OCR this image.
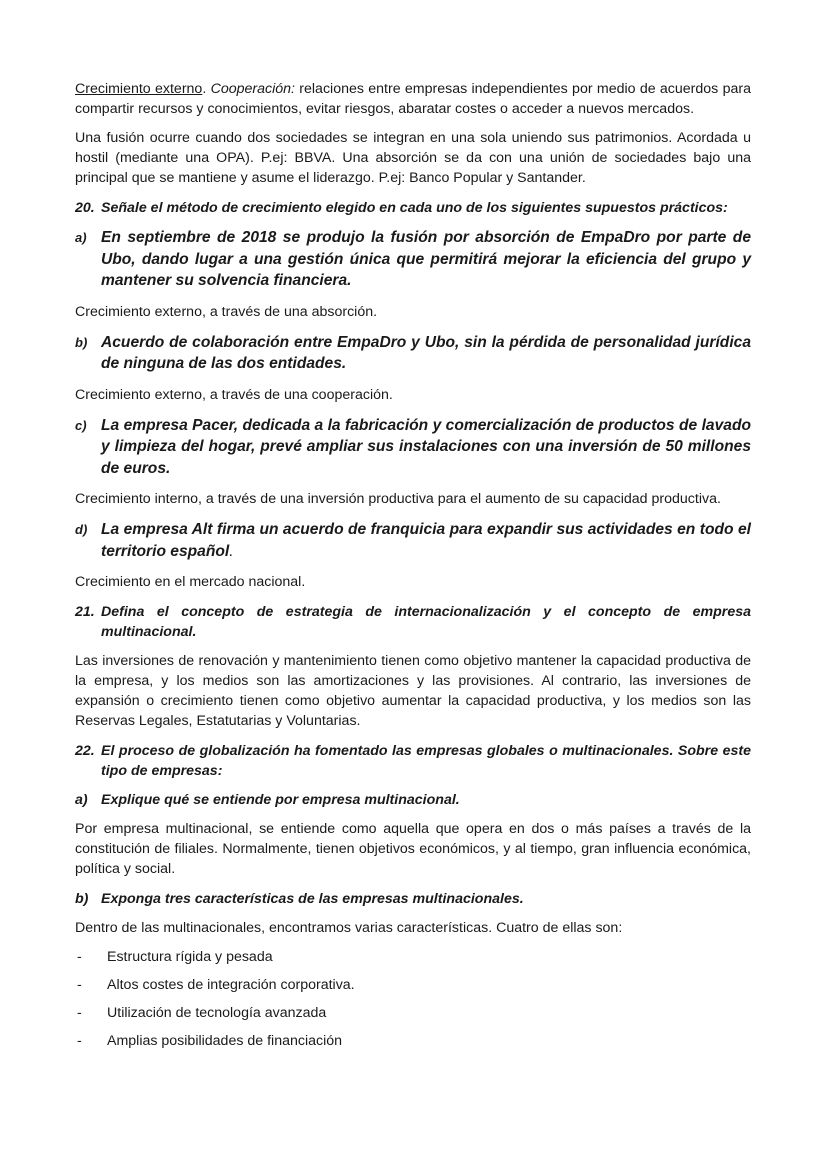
Crecimiento externo. Cooperación: relaciones entre empresas independientes por medio de acuerdos para compartir recursos y conocimientos, evitar riesgos, abaratar costes o acceder a nuevos mercados.

Una fusión ocurre cuando dos sociedades se integran en una sola uniendo sus patrimonios. Acordada u hostil (mediante una OPA). P.ej: BBVA. Una absorción se da con una unión de sociedades bajo una principal que se mantiene y asume el liderazgo. P.ej: Banco Popular y Santander.

20. Señale el método de crecimiento elegido en cada uno de los siguientes supuestos prácticos:
a) En septiembre de 2018 se produjo la fusión por absorción de EmpaDro por parte de Ubo, dando lugar a una gestión única que permitirá mejorar la eficiencia del grupo y mantener su solvencia financiera.

Crecimiento externo, a través de una absorción.

b) Acuerdo de colaboración entre EmpaDro y Ubo, sin la pérdida de personalidad jurídica de ninguna de las dos entidades.

Crecimiento externo, a través de una cooperación.

c) La empresa Pacer, dedicada a la fabricación y comercialización de productos de lavado y limpieza del hogar, prevé ampliar sus instalaciones con una inversión de 50 millones de euros.

Crecimiento interno, a través de una inversión productiva para el aumento de su capacidad productiva.

d) La empresa Alt firma un acuerdo de franquicia para expandir sus actividades en todo el territorio español.

Crecimiento en el mercado nacional.

21. Defina el concepto de estrategia de internacionalización y el concepto de empresa multinacional.

Las inversiones de renovación y mantenimiento tienen como objetivo mantener la capacidad productiva de la empresa, y los medios son las amortizaciones y las provisiones. Al contrario, las inversiones de expansión o crecimiento tienen como objetivo aumentar la capacidad productiva, y los medios son las Reservas Legales, Estatutarias y Voluntarias.

22. El proceso de globalización ha fomentado las empresas globales o multinacionales. Sobre este tipo de empresas:
a) Explique qué se entiende por empresa multinacional.

Por empresa multinacional, se entiende como aquella que opera en dos o más países a través de la constitución de filiales. Normalmente, tienen objetivos económicos, y al tiempo, gran influencia económica, política y social.

b) Exponga tres características de las empresas multinacionales.

Dentro de las multinacionales, encontramos varias características. Cuatro de ellas son:

-	Estructura rígida y pesada
-	Altos costes de integración corporativa.
-	Utilización de tecnología avanzada
-	Amplias posibilidades de financiación
